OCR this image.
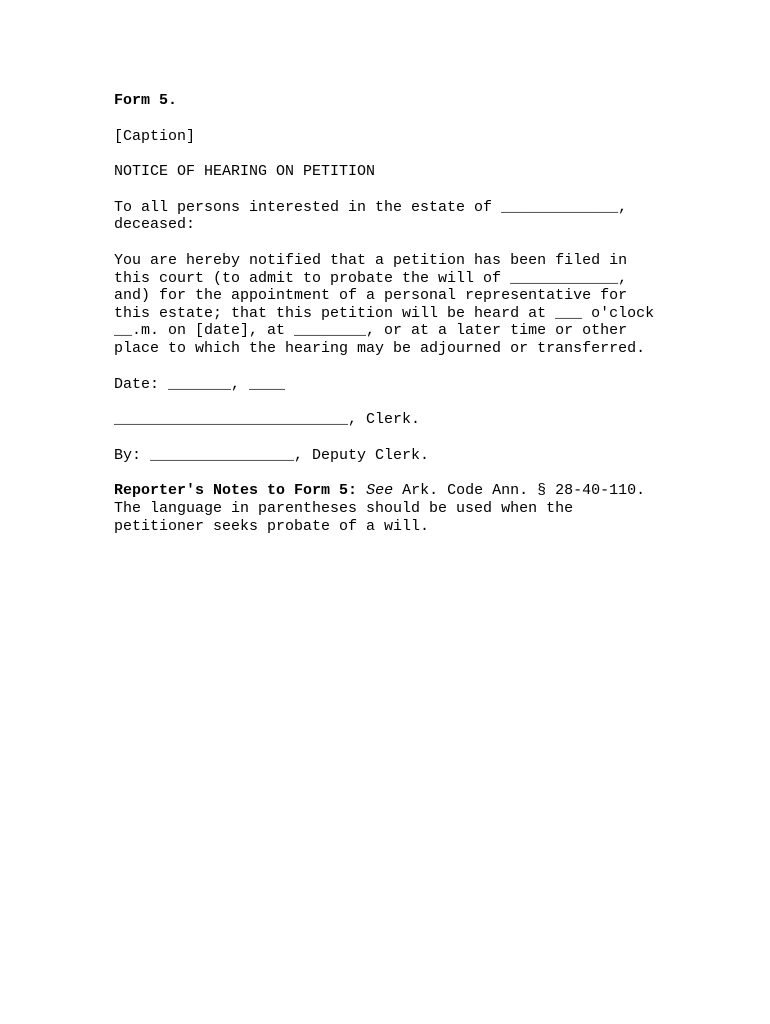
Form 5.

[Caption]

NOTICE OF HEARING ON PETITION

To all persons interested in the estate of _____________,
deceased:
You are hereby notified that a petition has been filed in
this court (to admit to probate the will of ____________,
and) for the appointment of a personal representative for
this estate; that this petition will be heard at ___ o'clock
__.m. on [date], at ________, or at a later time or other
place to which the hearing may be adjourned or transferred.

Date: _______, ____

__________________________, Clerk.

By: ________________, Deputy Clerk.

Reporter's Notes to Form 5: See Ark. Code Ann. § 28-40-110.
The language in parentheses should be used when the
petitioner seeks probate of a will.
